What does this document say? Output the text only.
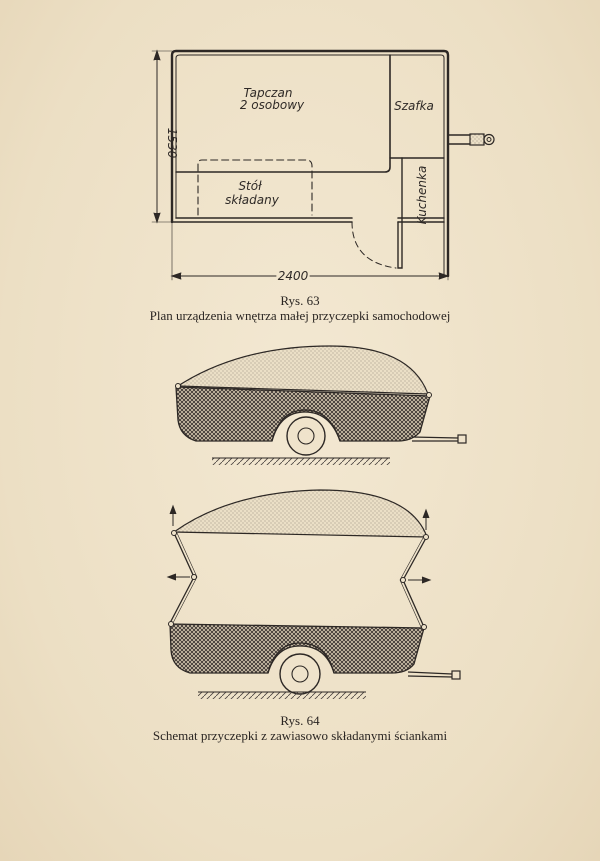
Tapczan
2 osobowy	Szafka
Stół
składany	Kuchenka
2400
1530
Rys. 63
Plan urządzenia wnętrza małej przyczepki samochodowej
Rys. 64
Schemat przyczepki z zawiasowo składanymi ściankami
